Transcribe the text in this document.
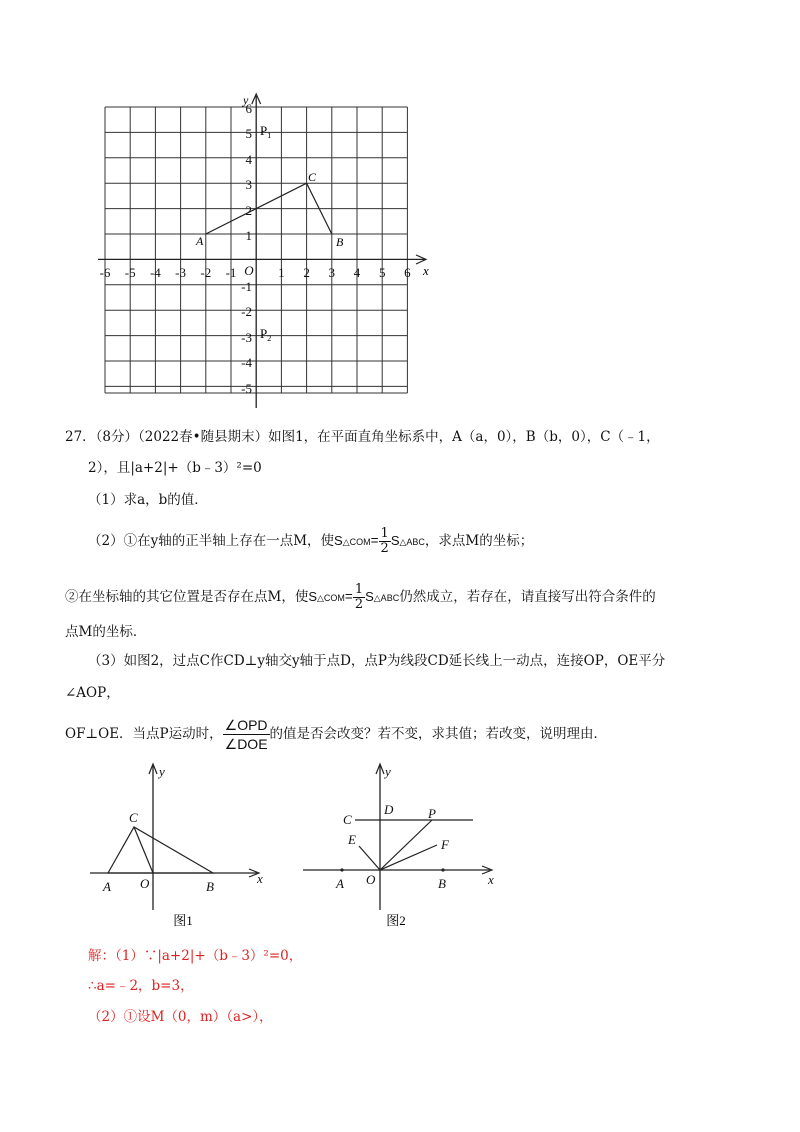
-6 -5 -4 -3 -2 -1 O 1 2 3 4 5 6 x
y
6
5
4
3
2
1
-1
-2
-3
-4
-5
A	B
C
$P_1$
$P_2$
27．（8分）（2022春•随县期末）如图1，在平面直角坐标系中，A（a，0），B（b，0），C（﹣1，
2），且|a+2|+（b﹣3）²=0
（1）求a，b的值．
（2）①在y轴的正半轴上存在一点M，使S△COM= $\frac{1}{2}$ S△ABC，求点M的坐标；
②在坐标轴的其它位置是否存在点M，使S△COM= $\frac{1}{2}$ S△ABC仍然成立，若存在，请直接写出符合条件的
点M的坐标．
（3）如图2，过点C作CD⊥y轴交y轴于点D，点P为线段CD延长线上一动点，连接OP，OE平分
∠AOP，
OF⊥OE．当点P运动时， $\frac{\text{∠OPD}}{\text{∠DOE}}$ 的值是否会改变？若不变，求其值；若改变，说明理由．
y
C
A O	B
x
图1
y
C
D	P
E	F
A O	B	x
图2
解：（1）∵|a+2|+（b﹣3）²=0，
∴a=﹣2，b=3，
（2）①设M（0，m）（a>），
